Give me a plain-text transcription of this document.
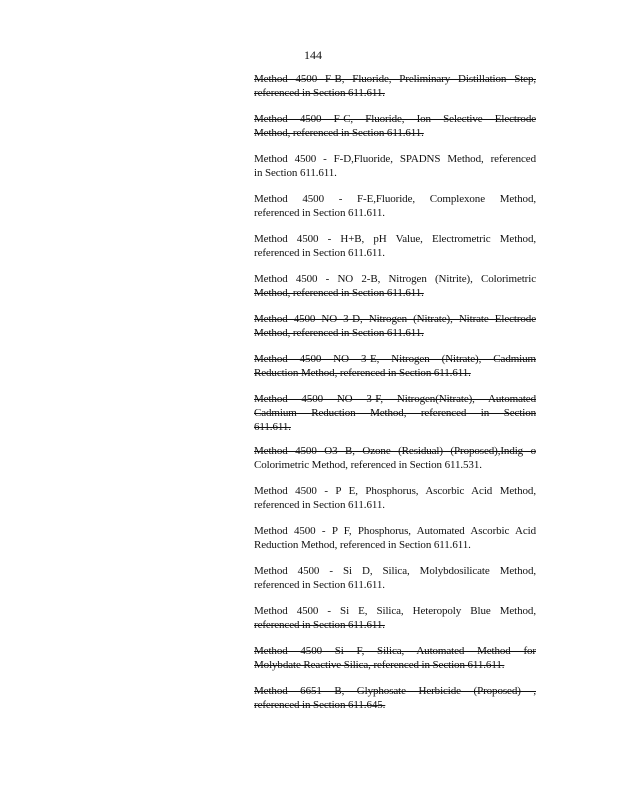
144

Method 4500 F-B, Fluoride, Preliminary Distillation Step,
referenced in Section 611.611.

Method 4500 F-C, Fluoride, Ion Selective Electrode
Method, referenced in Section 611.611.

Method 4500 - F-D,Fluoride, SPADNS Method, referenced
in Section 611.611.

Method 4500 - F-E,Fluoride, Complexone Method,
referenced in Section 611.611.

Method 4500 - H+B, pH Value, Electrometric Method,
referenced in Section 611.611.

Method 4500 - NO 2-B, Nitrogen (Nitrite), Colorimetric
Method, referenced in Section 611.611.

Method 4500 NO 3-D, Nitrogen (Nitrate), Nitrate Electrode
Method, referenced in Section 611.611.

Method 4500 NO 3-E, Nitrogen (Nitrate), Cadmium
Reduction Method, referenced in Section 611.611.

Method 4500 NO 3-F, Nitrogen(Nitrate), Automated
Cadmium Reduction Method, referenced in Section
611.611.

Method 4500 O3 B, Ozone (Residual) (Proposed),Indig o
Colorimetric Method, referenced in Section 611.531.

Method 4500 - P E, Phosphorus, Ascorbic Acid Method,
referenced in Section 611.611.

Method 4500 - P F, Phosphorus, Automated Ascorbic Acid
Reduction Method, referenced in Section 611.611.

Method 4500 - Si D, Silica, Molybdosilicate Method,
referenced in Section 611.611.

Method 4500 - Si E, Silica, Heteropoly Blue Method,
referenced in Section 611.611.

Method 4500 Si F, Silica, Automated Method for
Molybdate Reactive Silica, referenced in Section 611.611.

Method 6651 B, Glyphosate Herbicide (Proposed) ,
referenced in Section 611.645.
